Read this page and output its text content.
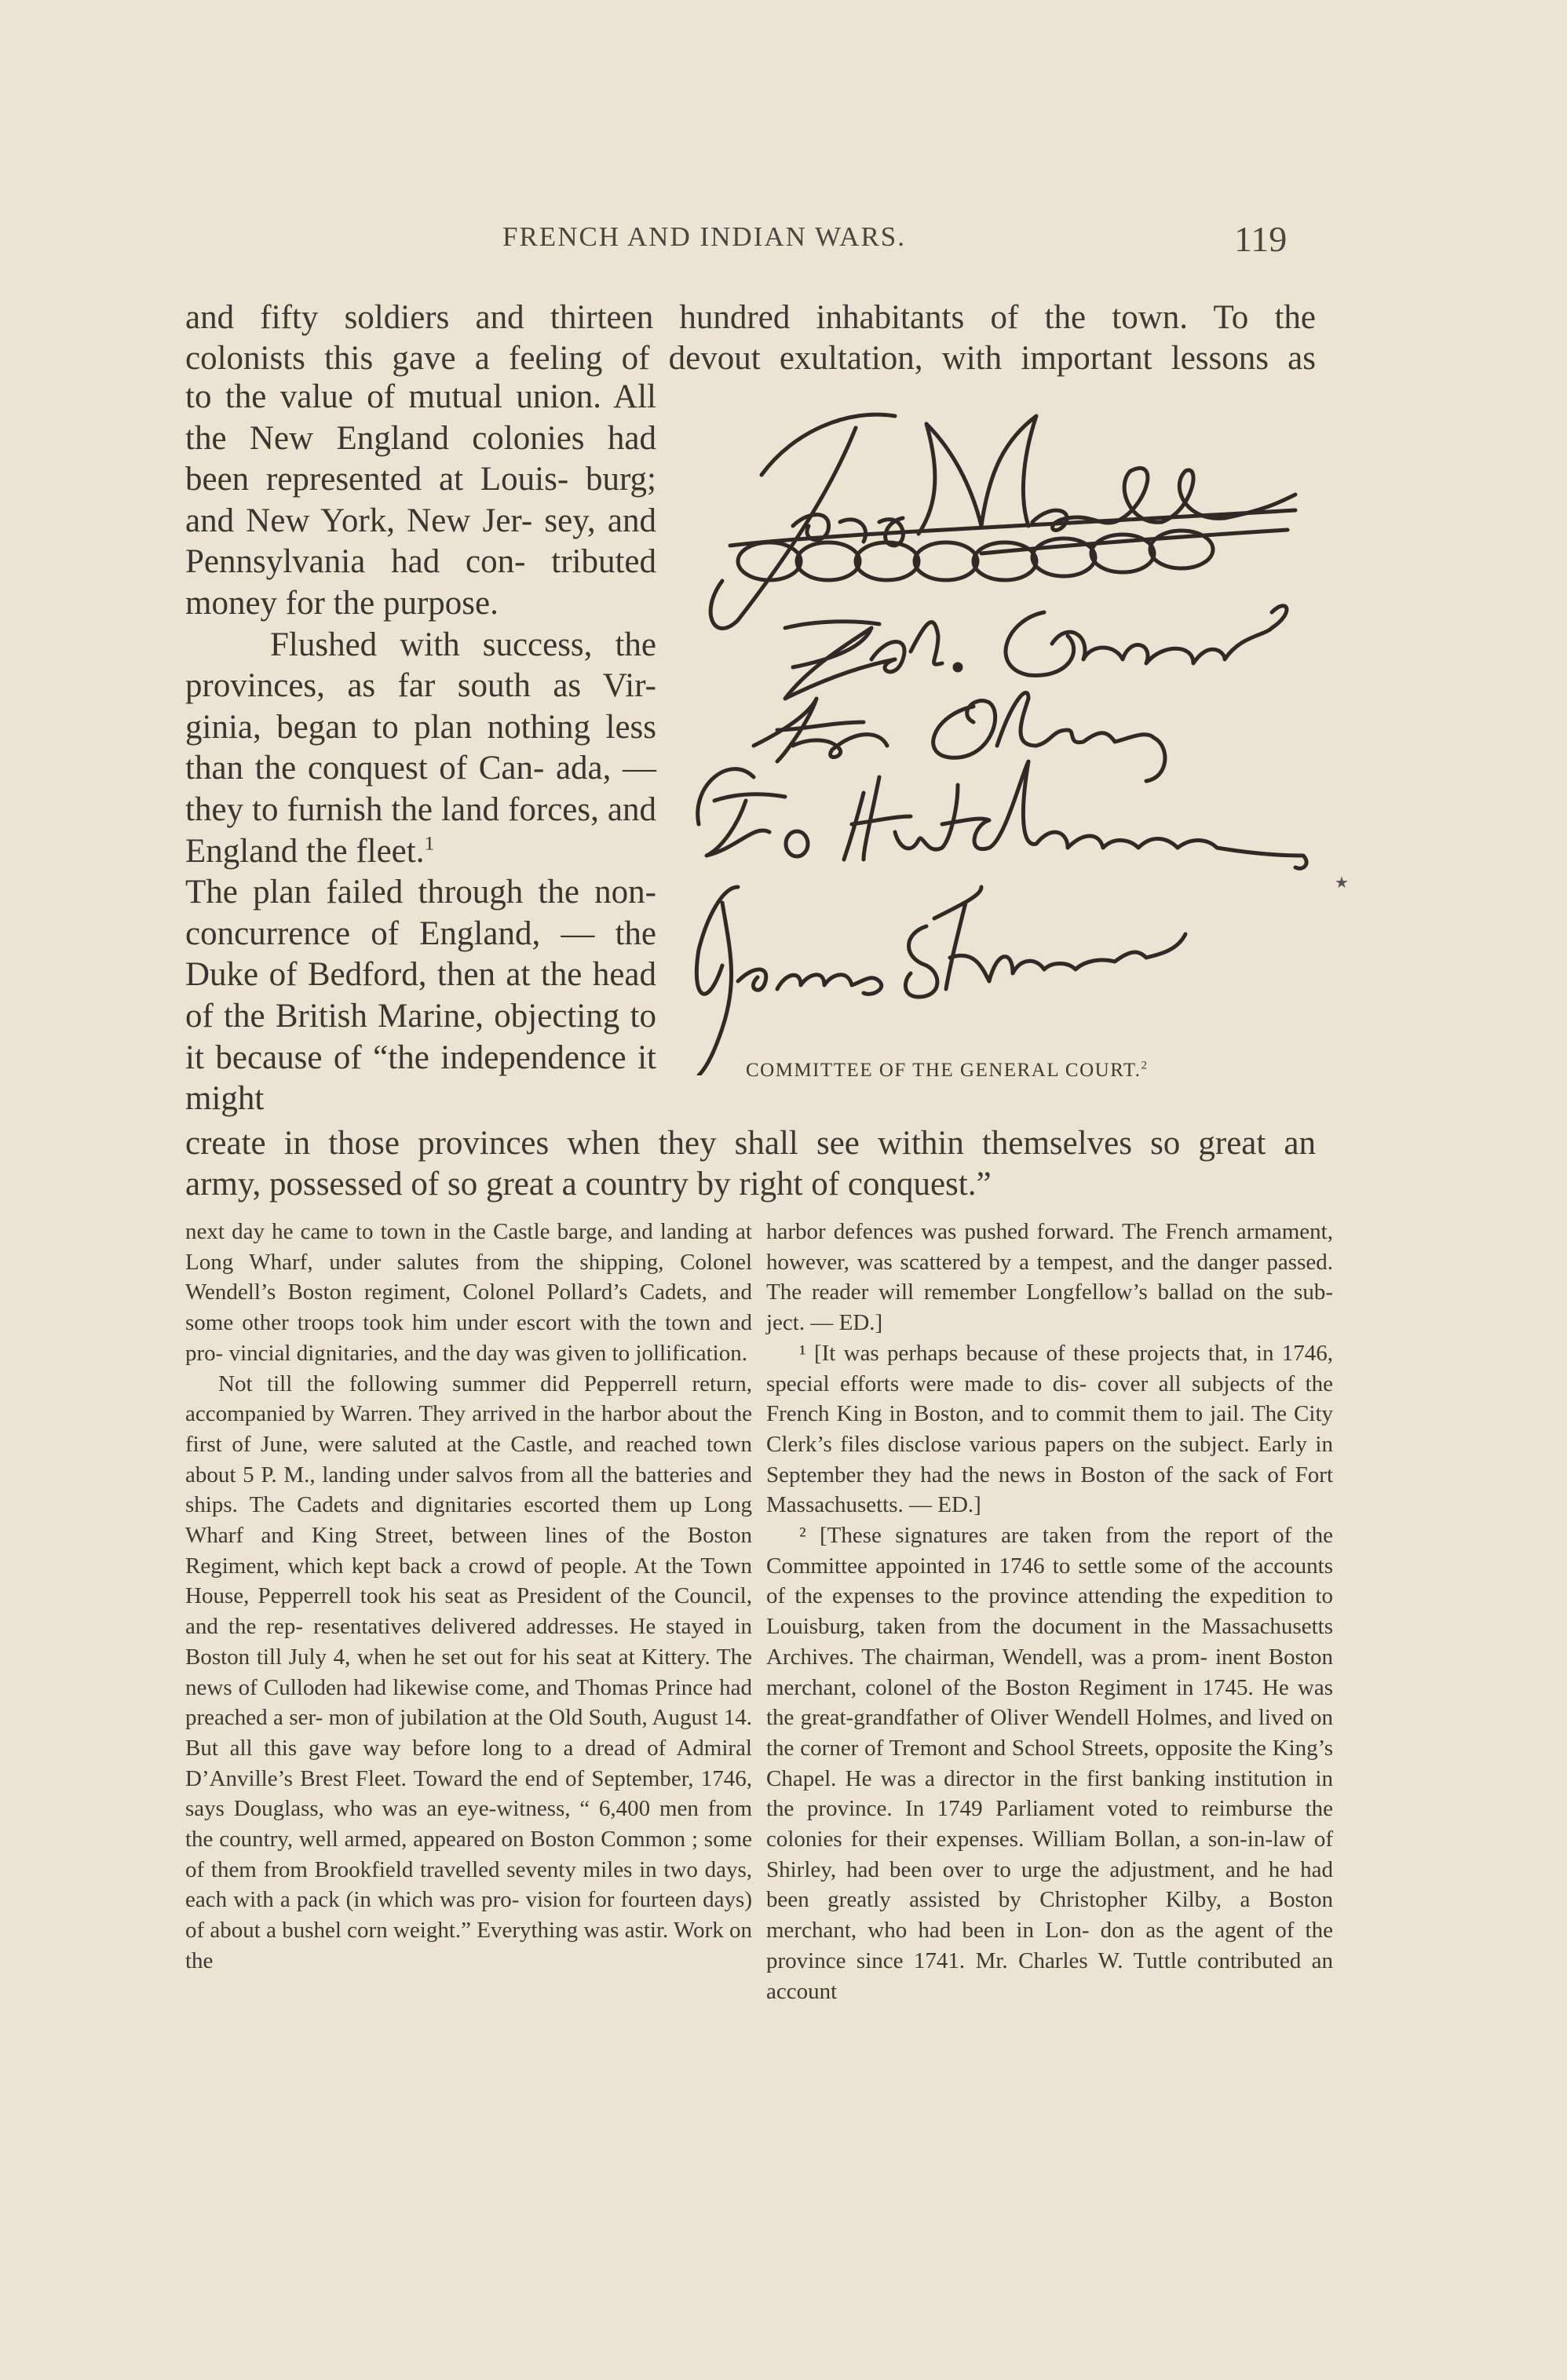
FRENCH AND INDIAN WARS.	119
and fifty soldiers and thirteen hundred inhabitants of the town. To the
colonists this gave a feeling of devout exultation, with important lessons as

to the value of mutual union. All the New England colonies had been represented at Louis- burg; and New York, New Jer- sey, and Pennsylvania had con- tributed money for the purpose.

Flushed with success, the provinces, as far south as Vir- ginia, began to plan nothing less than the conquest of Can- ada, — they to furnish the land forces, and England the fleet.$^1$

The plan failed through the non-concurrence of England, — the Duke of Bedford, then at the head of the British Marine, objecting to it because of “the independence it might

create in those provinces when they shall see within themselves so great an
army, possessed of so great a country by right of conquest.”
COMMITTEE OF THE GENERAL COURT.$^2$
★

next day he came to town in the Castle barge, and landing at Long Wharf, under salutes from the shipping, Colonel Wendell’s Boston regiment, Colonel Pollard’s Cadets, and some other troops took him under escort with the town and pro- vincial dignitaries, and the day was given to jollification.

Not till the following summer did Pepperrell return, accompanied by Warren. They arrived in the harbor about the first of June, were saluted at the Castle, and reached town about 5 P. M., landing under salvos from all the batteries and ships. The Cadets and dignitaries escorted them up Long Wharf and King Street, between lines of the Boston Regiment, which kept back a crowd of people. At the Town House, Pepperrell took his seat as President of the Council, and the rep- resentatives delivered addresses. He stayed in Boston till July 4, when he set out for his seat at Kittery. The news of Culloden had likewise come, and Thomas Prince had preached a ser- mon of jubilation at the Old South, August 14. But all this gave way before long to a dread of Admiral D’Anville’s Brest Fleet. Toward the end of September, 1746, says Douglass, who was an eye-witness, “ 6,400 men from the country, well armed, appeared on Boston Common ; some of them from Brookfield travelled seventy miles in two days, each with a pack (in which was pro- vision for fourteen days) of about a bushel corn weight.” Everything was astir. Work on the

harbor defences was pushed forward. The French armament, however, was scattered by a tempest, and the danger passed. The reader will remember Longfellow’s ballad on the sub- ject. — ED.]

¹ [It was perhaps because of these projects that, in 1746, special efforts were made to dis- cover all subjects of the French King in Boston, and to commit them to jail. The City Clerk’s files disclose various papers on the subject. Early in September they had the news in Boston of the sack of Fort Massachusetts. — ED.]

² [These signatures are taken from the report of the Committee appointed in 1746 to settle some of the accounts of the expenses to the province attending the expedition to Louisburg, taken from the document in the Massachusetts Archives. The chairman, Wendell, was a prom- inent Boston merchant, colonel of the Boston Regiment in 1745. He was the great-grandfather of Oliver Wendell Holmes, and lived on the corner of Tremont and School Streets, opposite the King’s Chapel. He was a director in the first banking institution in the province. In 1749 Parliament voted to reimburse the colonies for their expenses. William Bollan, a son-in-law of Shirley, had been over to urge the adjustment, and he had been greatly assisted by Christopher Kilby, a Boston merchant, who had been in Lon- don as the agent of the province since 1741. Mr. Charles W. Tuttle contributed an account
